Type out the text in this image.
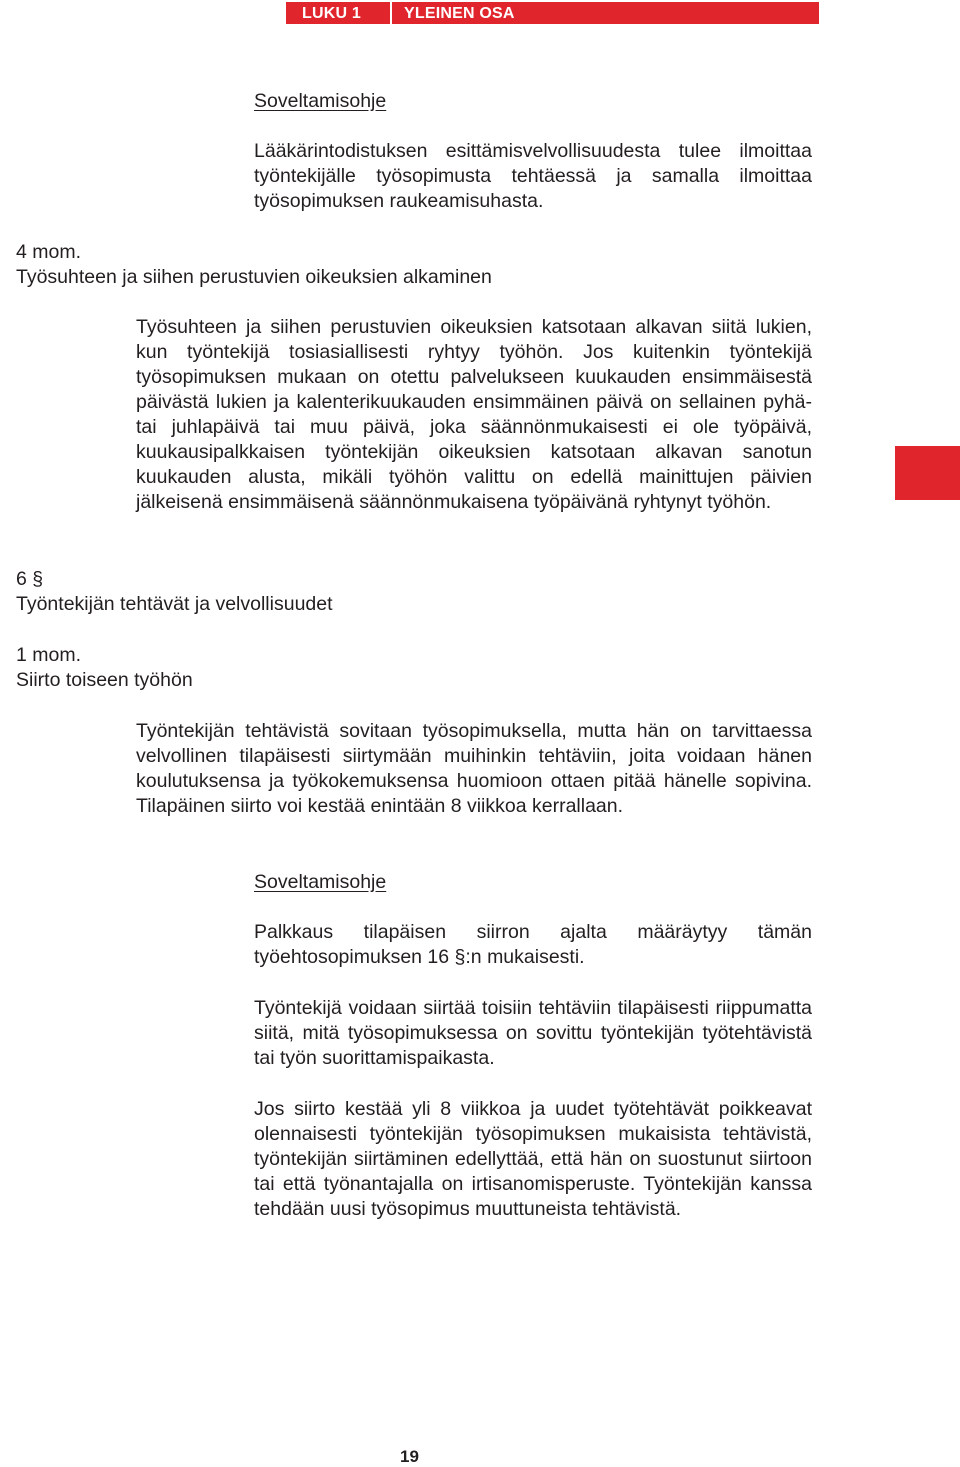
LUKU 1	YLEINEN OSA

Soveltamisohje

Lääkärintodistuksen esittämisvelvollisuudesta tulee ilmoittaa työntekijälle työsopimusta tehtäessä ja samalla ilmoittaa työsopimuksen raukeamisuhasta.

4 mom.

Työsuhteen ja siihen perustuvien oikeuksien alkaminen

Työsuhteen ja siihen perustuvien oikeuksien katsotaan alkavan siitä lukien, kun työntekijä tosiasiallisesti ryhtyy työhön. Jos kuitenkin työntekijä työsopimuksen mukaan on otettu palvelukseen kuukauden ensimmäisestä päivästä lukien ja kalenterikuukauden ensimmäinen päivä on sellainen pyhä- tai juhlapäivä tai muu päivä, joka säännönmukaisesti ei ole työpäivä, kuukausipalkkaisen työntekijän oikeuksien katsotaan alkavan sanotun kuukauden alusta, mikäli työhön valittu on edellä mainittujen päivien jälkeisenä ensimmäisenä säännönmukaisena työpäivänä ryhtynyt työhön.

6 §

Työntekijän tehtävät ja velvollisuudet

1 mom.

Siirto toiseen työhön

Työntekijän tehtävistä sovitaan työsopimuksella, mutta hän on tarvittaessa velvollinen tilapäisesti siirtymään muihinkin tehtäviin, joita voidaan hänen koulutuksensa ja työkokemuksensa huomioon ottaen pitää hänelle sopivina. Tilapäinen siirto voi kestää enintään 8 viikkoa kerrallaan.

Soveltamisohje

Palkkaus tilapäisen siirron ajalta määräytyy tämän työehtosopimuksen 16 §:n mukaisesti.

Työntekijä voidaan siirtää toisiin tehtäviin tilapäisesti riippumatta siitä, mitä työsopimuksessa on sovittu työntekijän työtehtävistä tai työn suorittamispaikasta.

Jos siirto kestää yli 8 viikkoa ja uudet työtehtävät poikkeavat olennaisesti työntekijän työsopimuksen mukaisista tehtävistä, työntekijän siirtäminen edellyttää, että hän on suostunut siirtoon tai että työnantajalla on irtisanomisperuste. Työntekijän kanssa tehdään uusi työsopimus muuttuneista tehtävistä.

19
